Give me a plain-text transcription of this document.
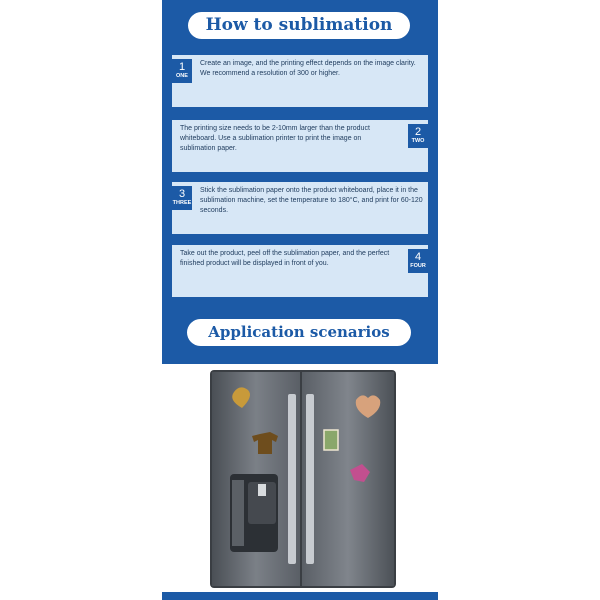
How to sublimation
1
ONE
Create an image, and the printing effect depends on the image clarity. We recommend a resolution of 300 or higher.
2
TWO
The printing size needs to be 2-10mm larger than the product whiteboard. Use a sublimation printer to print the image on sublimation paper.
3
THREE
Stick the sublimation paper onto the product whiteboard, place it in the sublimation machine, set the temperature to 180°C, and print for 60-120 seconds.
4
FOUR
Take out the product, peel off the sublimation paper, and the perfect finished product will be displayed in front of you.
Application scenarios
